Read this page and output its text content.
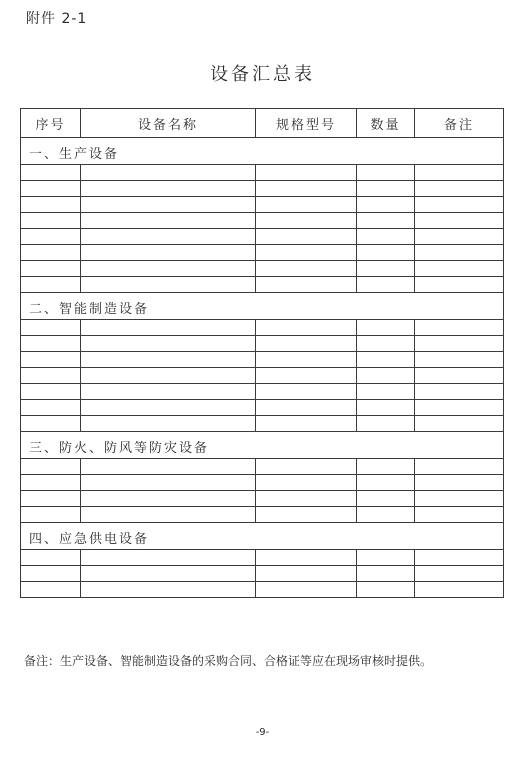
附件 2-1
设备汇总表
序号	设备名称	规格型号	数量	备注
一、生产设备				

二、智能制造设备				

三、防火、防风等防灾设备				

四、应急供电设备				

备注：生产设备、智能制造设备的采购合同、合格证等应在现场审核时提供。
-9-
